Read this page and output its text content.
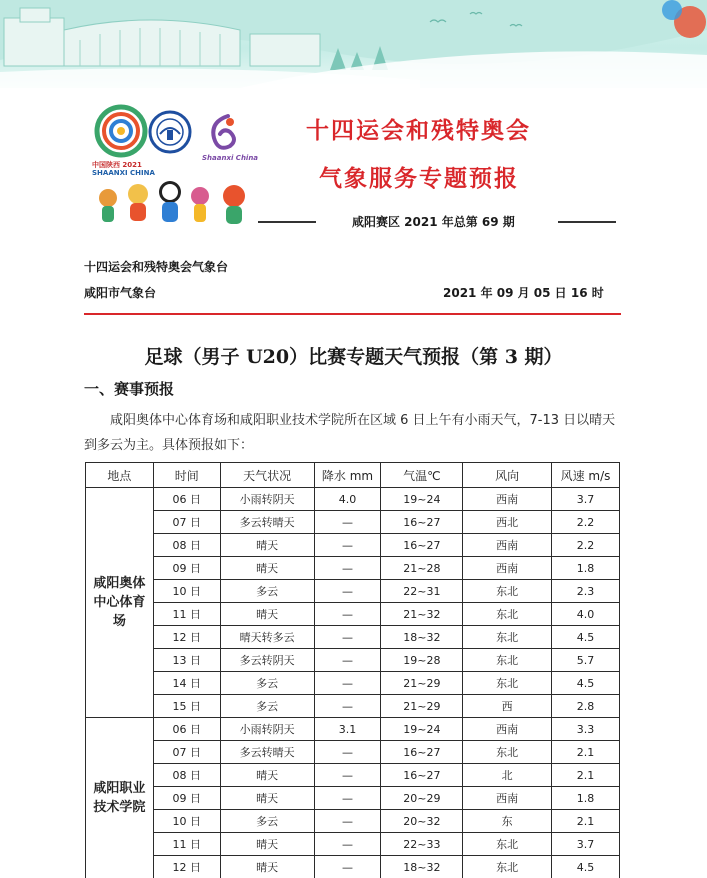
中国陕西 2021
SHAANXI CHINA
Shaanxi China
十四运会和残特奥会
气象服务专题预报
咸阳赛区 2021 年总第 69 期
十四运会和残特奥会气象台
咸阳市气象台	2021 年 09 月 05 日 16 时
足球（男子 U20）比赛专题天气预报（第 3 期）
一、赛事预报
咸阳奥体中心体育场和咸阳职业技术学院所在区域 6 日上午有小雨天气，7-13 日以晴天到多云为主。具体预报如下：
地点	时间	天气状况	降水 mm	气温℃	风向	风速 m/s
咸阳奥体中心体育场	06 日	小雨转阴天	4.0	19~24	西南	3.7
	07 日	多云转晴天	—	16~27	西北	2.2
	08 日	晴天	—	16~27	西南	2.2
	09 日	晴天	—	21~28	西南	1.8
	10 日	多云	—	22~31	东北	2.3
	11 日	晴天	—	21~32	东北	4.0
	12 日	晴天转多云	—	18~32	东北	4.5
	13 日	多云转阴天	—	19~28	东北	5.7
	14 日	多云	—	21~29	东北	4.5
	15 日	多云	—	21~29	西	2.8
咸阳职业技术学院	06 日	小雨转阴天	3.1	19~24	西南	3.3
	07 日	多云转晴天	—	16~27	东北	2.1
	08 日	晴天	—	16~27	北	2.1
	09 日	晴天	—	20~29	西南	1.8
	10 日	多云	—	20~32	东	2.1
	11 日	晴天	—	22~33	东北	3.7
	12 日	晴天	—	18~32	东北	4.5
